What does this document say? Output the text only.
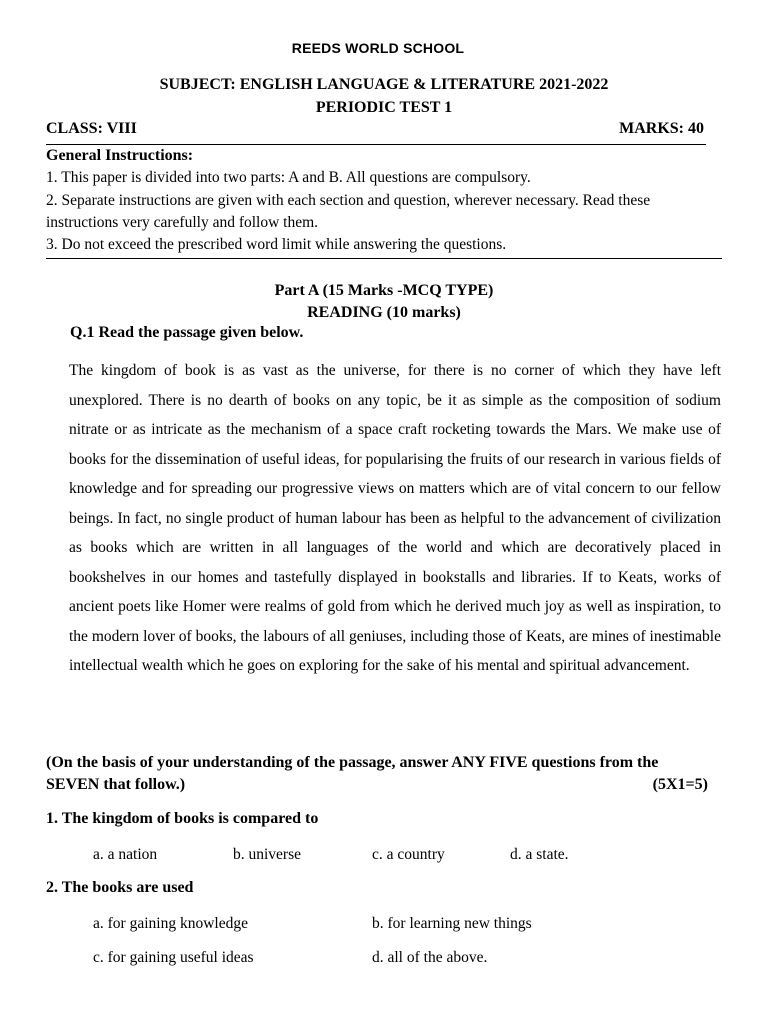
REEDS WORLD SCHOOL
SUBJECT: ENGLISH LANGUAGE & LITERATURE 2021-2022
PERIODIC TEST 1
CLASS: VIII	MARKS: 40

General Instructions:

1. This paper is divided into two parts: A and B. All questions are compulsory.

2. Separate instructions are given with each section and question, wherever necessary. Read these instructions very carefully and follow them.

3. Do not exceed the prescribed word limit while answering the questions.

Part A (15 Marks -MCQ TYPE)
READING (10 marks)
Q.1 Read the passage given below.

The kingdom of book is as vast as the universe, for there is no corner of which they have left unexplored. There is no dearth of books on any topic, be it as simple as the composition of sodium nitrate or as intricate as the mechanism of a space craft rocketing towards the Mars. We make use of books for the dissemination of useful ideas, for popularising the fruits of our research in various fields of knowledge and for spreading our progressive views on matters which are of vital concern to our fellow beings. In fact, no single product of human labour has been as helpful to the advancement of civilization as books which are written in all languages of the world and which are decoratively placed in bookshelves in our homes and tastefully displayed in bookstalls and libraries. If to Keats, works of ancient poets like Homer were realms of gold from which he derived much joy as well as inspiration, to the modern lover of books, the labours of all geniuses, including those of Keats, are mines of inestimable intellectual wealth which he goes on exploring for the sake of his mental and spiritual advancement.

(On the basis of your understanding of the passage, answer ANY FIVE questions from the SEVEN that follow.)	(5X1=5)
1. The kingdom of books is compared to
a. a nation	b. universe	c. a country	d. a state.
2. The books are used
a. for gaining knowledge	b. for learning new things
c. for gaining useful ideas	d. all of the above.
